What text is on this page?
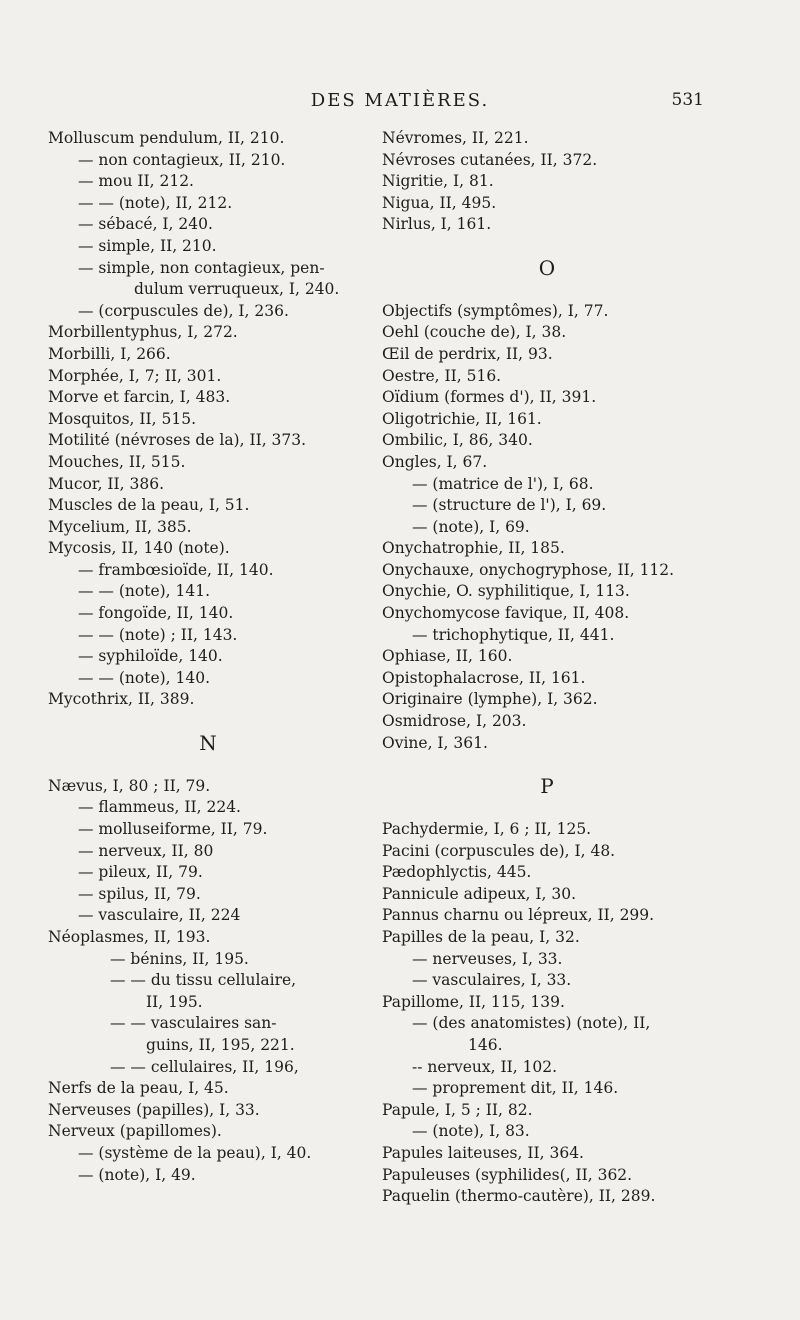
DES MATIÈRES.	531
Molluscum pendulum, II, 210.
— non contagieux, II, 210.
— mou II, 212.
— — (note), II, 212.
— sébacé, I, 240.
— simple, II, 210.
— simple, non contagieux, pen-
dulum verruqueux, I, 240.
— (corpuscules de), I, 236.
Morbillentyphus, I, 272.
Morbilli, I, 266.
Morphée, I, 7; II, 301.
Morve et farcin, I, 483.
Mosquitos, II, 515.
Motilité (névroses de la), II, 373.
Mouches, II, 515.
Mucor, II, 386.
Muscles de la peau, I, 51.
Mycelium, II, 385.
Mycosis, II, 140 (note).
— frambœsioïde, II, 140.
— — (note), 141.
— fongoïde, II, 140.
— — (note) ; II, 143.
— syphiloïde, 140.
— — (note), 140.
Mycothrix, II, 389.
N
Nævus, I, 80 ; II, 79.
— flammeus, II, 224.
— molluseiforme, II, 79.
— nerveux, II, 80
— pileux, II, 79.
— spilus, II, 79.
— vasculaire, II, 224
Néoplasmes, II, 193.
— bénins, II, 195.
— — du tissu cellulaire,
II, 195.
— — vasculaires san-
guins, II, 195, 221.
— — cellulaires, II, 196,
Nerfs de la peau, I, 45.
Nerveuses (papilles), I, 33.
Nerveux (papillomes).
— (système de la peau), I, 40.
— (note), I, 49.
Névromes, II, 221.
Névroses cutanées, II, 372.
Nigritie, I, 81.
Nigua, II, 495.
Nirlus, I, 161.
O
Objectifs (symptômes), I, 77.
Oehl (couche de), I, 38.
Œil de perdrix, II, 93.
Oestre, II, 516.
Oïdium (formes d'), II, 391.
Oligotrichie, II, 161.
Ombilic, I, 86, 340.
Ongles, I, 67.
— (matrice de l'), I, 68.
— (structure de l'), I, 69.
— (note), I, 69.
Onychatrophie, II, 185.
Onychauxe, onychogryphose, II, 112.
Onychie, O. syphilitique, I, 113.
Onychomycose favique, II, 408.
— trichophytique, II, 441.
Ophiase, II, 160.
Opistophalacrose, II, 161.
Originaire (lymphe), I, 362.
Osmidrose, I, 203.
Ovine, I, 361.
P
Pachydermie, I, 6 ; II, 125.
Pacini (corpuscules de), I, 48.
Pædophlyctis, 445.
Pannicule adipeux, I, 30.
Pannus charnu ou lépreux, II, 299.
Papilles de la peau, I, 32.
— nerveuses, I, 33.
— vasculaires, I, 33.
Papillome, II, 115, 139.
— (des anatomistes) (note), II,
146.
-- nerveux, II, 102.
— proprement dit, II, 146.
Papule, I, 5 ; II, 82.
— (note), I, 83.
Papules laiteuses, II, 364.
Papuleuses (syphilides(, II, 362.
Paquelin (thermo-cautère), II, 289.
